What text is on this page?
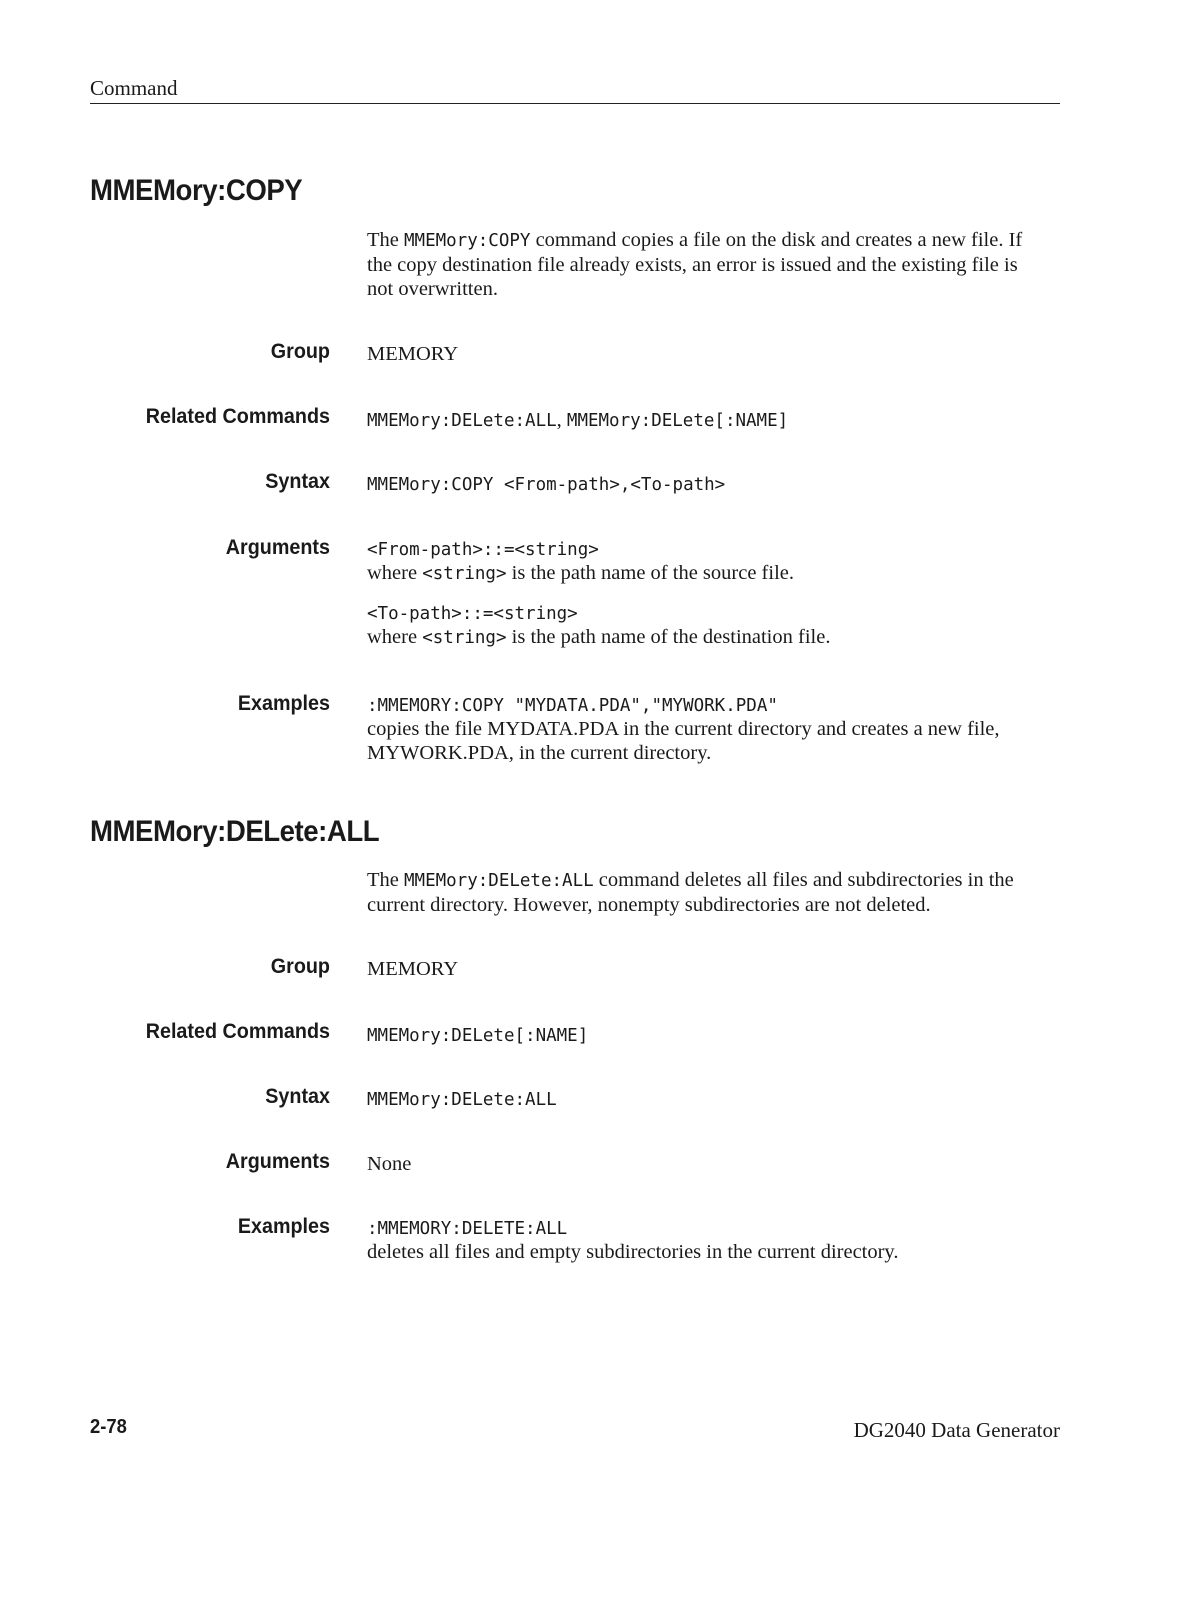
Command
MMEMory:COPY
The MMEMory:COPY command copies a file on the disk and creates a new file. If
the copy destination file already exists, an error is issued and the existing file is
not overwritten.
Group MEMORY
Related Commands MMEMory:DELete:ALL, MMEMory:DELete[:NAME]
Syntax MMEMory:COPY <From-path>,<To-path>
Arguments <From-path>::=<string>
where <string> is the path name of the source file.
<To-path>::=<string>
where <string> is the path name of the destination file.
Examples :MMEMORY:COPY "MYDATA.PDA","MYWORK.PDA"
copies the file MYDATA.PDA in the current directory and creates a new file,
MYWORK.PDA, in the current directory.
MMEMory:DELete:ALL
The MMEMory:DELete:ALL command deletes all files and subdirectories in the
current directory. However, nonempty subdirectories are not deleted.
Group MEMORY
Related Commands MMEMory:DELete[:NAME]
Syntax MMEMory:DELete:ALL
Arguments None
Examples :MMEMORY:DELETE:ALL
deletes all files and empty subdirectories in the current directory.
2-78	DG2040 Data Generator
